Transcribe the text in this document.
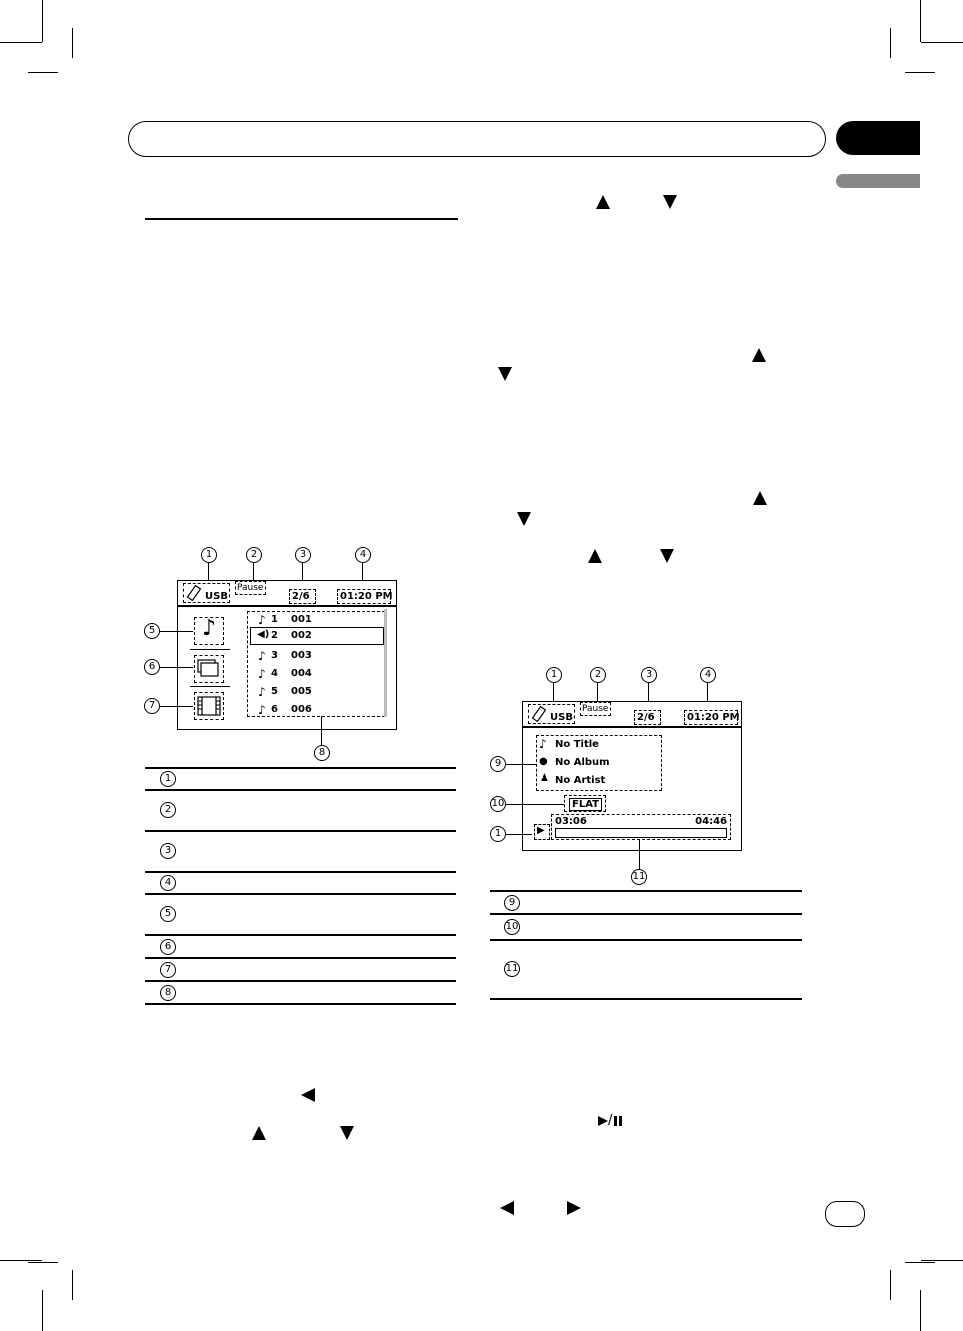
1	2	3	4
USB
Pause
2/6	01:20 PM
♪	♪ 1 001
◀) 2 002
♪ 3 003
♪ 4 004
♪ 5 005
♪ 6 006
5
6
7
8
1
2
3
4
5
6
7
8
1	2	3	4
USB
Pause
2/6	01:20 PM
♪ No Title
● No Album
♟ No Artist
FLAT
▶
03:06	04:46
9
10
1
11
9
10
11
/
